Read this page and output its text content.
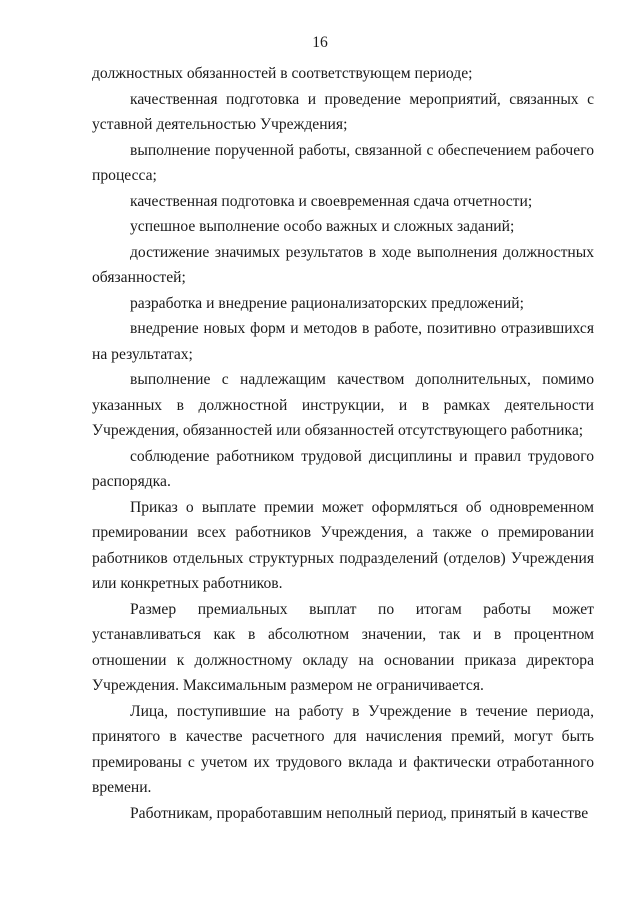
16

должностных обязанностей в соответствующем периоде;

качественная подготовка и проведение мероприятий, связанных с уставной деятельностью Учреждения;

выполнение порученной работы, связанной с обеспечением рабочего процесса;

качественная подготовка и своевременная сдача отчетности;

успешное выполнение особо важных и сложных заданий;

достижение значимых результатов в ходе выполнения должностных обязанностей;

разработка и внедрение рационализаторских предложений;

внедрение новых форм и методов в работе, позитивно отразившихся на результатах;

выполнение с надлежащим качеством дополнительных, помимо указанных в должностной инструкции, и в рамках деятельности Учреждения, обязанностей или обязанностей отсутствующего работника;

соблюдение работником трудовой дисциплины и правил трудового распорядка.

Приказ о выплате премии может оформляться об одновременном премировании всех работников Учреждения, а также о премировании работников отдельных структурных подразделений (отделов) Учреждения или конкретных работников.

Размер премиальных выплат по итогам работы может устанавливаться как в абсолютном значении, так и в процентном отношении к должностному окладу на основании приказа директора Учреждения. Максимальным размером не ограничивается.

Лица, поступившие на работу в Учреждение в течение периода, принятого в качестве расчетного для начисления премий, могут быть премированы с учетом их трудового вклада и фактически отработанного времени.

Работникам, проработавшим неполный период, принятый в качестве
